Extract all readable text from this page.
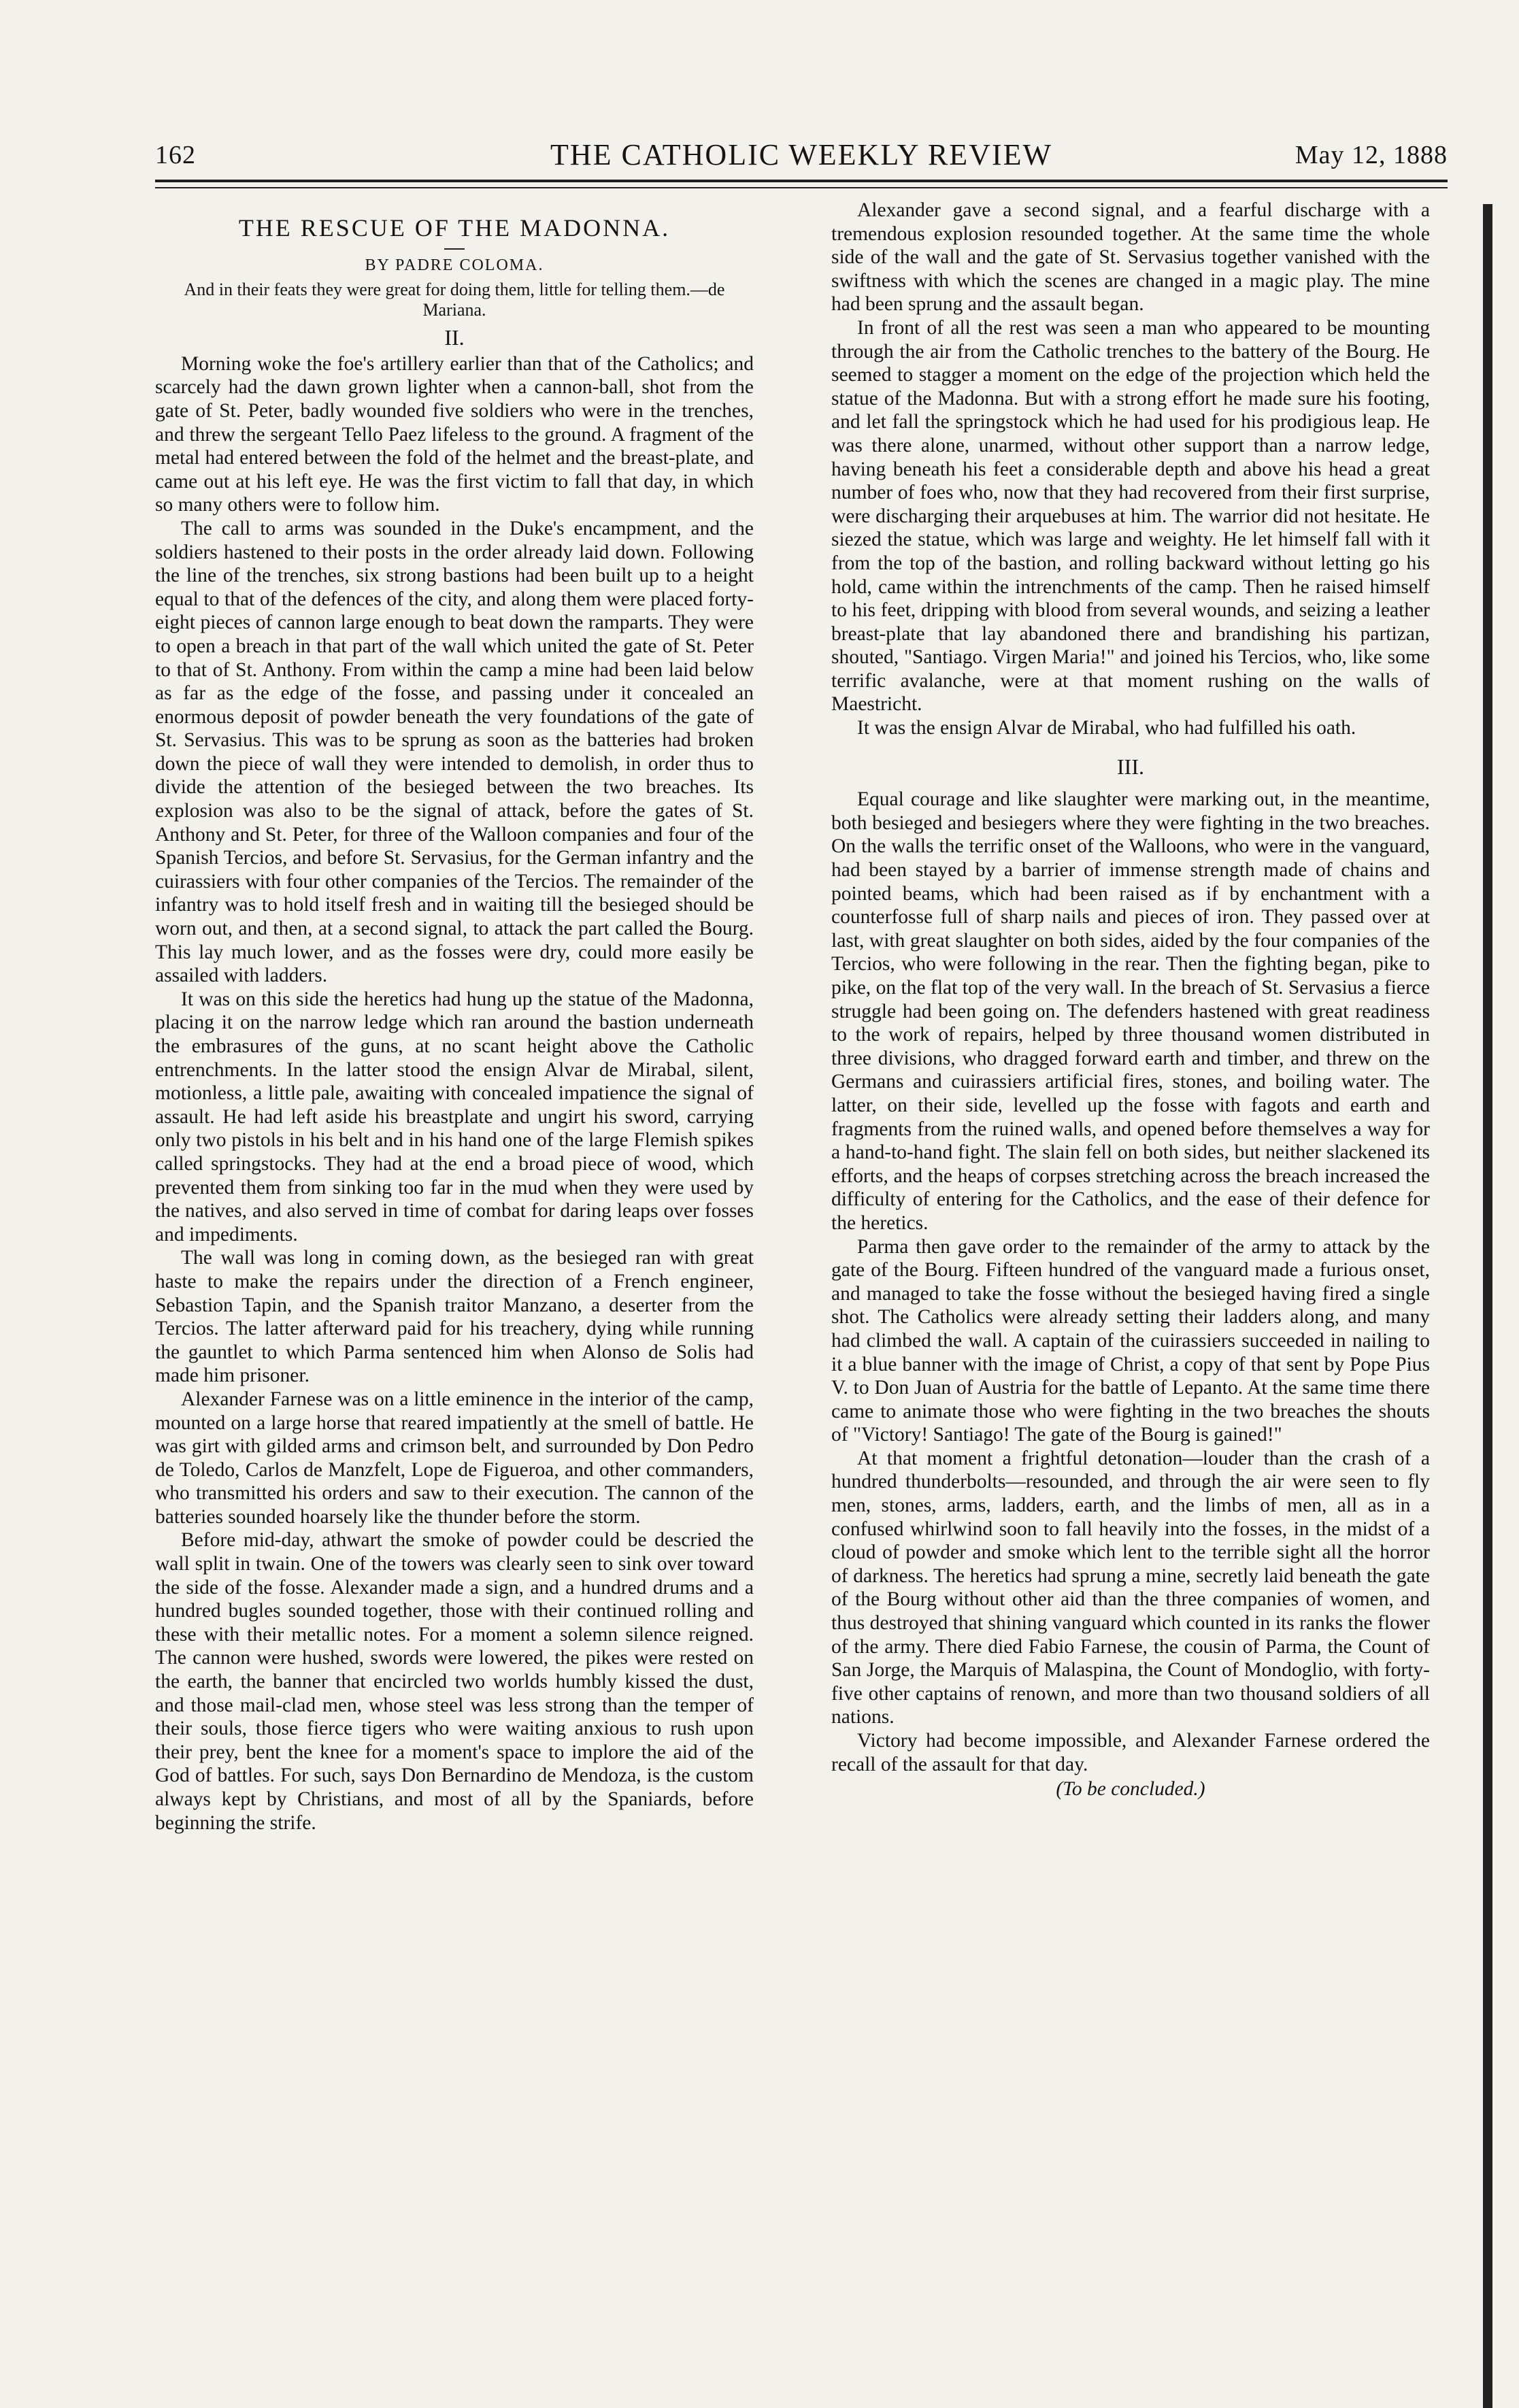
162	THE CATHOLIC WEEKLY REVIEW	May 12, 1888
THE RESCUE OF THE MADONNA.
BY PADRE COLOMA.
And in their feats they were great for doing them, little for telling them.—de Mariana.
II.

Morning woke the foe's artillery earlier than that of the Catholics; and scarcely had the dawn grown lighter when a cannon-ball, shot from the gate of St. Peter, badly wounded five soldiers who were in the trenches, and threw the sergeant Tello Paez lifeless to the ground. A fragment of the metal had entered between the fold of the helmet and the breast-plate, and came out at his left eye. He was the first victim to fall that day, in which so many others were to follow him.

The call to arms was sounded in the Duke's encampment, and the soldiers hastened to their posts in the order already laid down. Following the line of the trenches, six strong bastions had been built up to a height equal to that of the defences of the city, and along them were placed forty-eight pieces of cannon large enough to beat down the ramparts. They were to open a breach in that part of the wall which united the gate of St. Peter to that of St. Anthony. From within the camp a mine had been laid below as far as the edge of the fosse, and passing under it concealed an enormous deposit of powder beneath the very foundations of the gate of St. Servasius. This was to be sprung as soon as the batteries had broken down the piece of wall they were intended to demolish, in order thus to divide the attention of the besieged between the two breaches. Its explosion was also to be the signal of attack, before the gates of St. Anthony and St. Peter, for three of the Walloon companies and four of the Spanish Tercios, and before St. Servasius, for the German infantry and the cuirassiers with four other companies of the Tercios. The remainder of the infantry was to hold itself fresh and in waiting till the besieged should be worn out, and then, at a second signal, to attack the part called the Bourg. This lay much lower, and as the fosses were dry, could more easily be assailed with ladders.

It was on this side the heretics had hung up the statue of the Madonna, placing it on the narrow ledge which ran around the bastion underneath the embrasures of the guns, at no scant height above the Catholic entrenchments. In the latter stood the ensign Alvar de Mirabal, silent, motionless, a little pale, awaiting with concealed impatience the signal of assault. He had left aside his breastplate and ungirt his sword, carrying only two pistols in his belt and in his hand one of the large Flemish spikes called springstocks. They had at the end a broad piece of wood, which prevented them from sinking too far in the mud when they were used by the natives, and also served in time of combat for daring leaps over fosses and impediments.

The wall was long in coming down, as the besieged ran with great haste to make the repairs under the direction of a French engineer, Sebastion Tapin, and the Spanish traitor Manzano, a deserter from the Tercios. The latter afterward paid for his treachery, dying while running the gauntlet to which Parma sentenced him when Alonso de Solis had made him prisoner.

Alexander Farnese was on a little eminence in the interior of the camp, mounted on a large horse that reared impatiently at the smell of battle. He was girt with gilded arms and crimson belt, and surrounded by Don Pedro de Toledo, Carlos de Manzfelt, Lope de Figueroa, and other commanders, who transmitted his orders and saw to their execution. The cannon of the batteries sounded hoarsely like the thunder before the storm.

Before mid-day, athwart the smoke of powder could be descried the wall split in twain. One of the towers was clearly seen to sink over toward the side of the fosse. Alexander made a sign, and a hundred drums and a hundred bugles sounded together, those with their continued rolling and these with their metallic notes. For a moment a solemn silence reigned. The cannon were hushed, swords were lowered, the pikes were rested on the earth, the banner that encircled two worlds humbly kissed the dust, and those mail-clad men, whose steel was less strong than the temper of their souls, those fierce tigers who were waiting anxious to rush upon their prey, bent the knee for a moment's space to implore the aid of the God of battles. For such, says Don Bernardino de Mendoza, is the custom always kept by Christians, and most of all by the Spaniards, before beginning the strife.

Alexander gave a second signal, and a fearful discharge with a tremendous explosion resounded together. At the same time the whole side of the wall and the gate of St. Servasius together vanished with the swiftness with which the scenes are changed in a magic play. The mine had been sprung and the assault began.

In front of all the rest was seen a man who appeared to be mounting through the air from the Catholic trenches to the battery of the Bourg. He seemed to stagger a moment on the edge of the projection which held the statue of the Madonna. But with a strong effort he made sure his footing, and let fall the springstock which he had used for his prodigious leap. He was there alone, unarmed, without other support than a narrow ledge, having beneath his feet a considerable depth and above his head a great number of foes who, now that they had recovered from their first surprise, were discharging their arquebuses at him. The warrior did not hesitate. He siezed the statue, which was large and weighty. He let himself fall with it from the top of the bastion, and rolling backward without letting go his hold, came within the intrenchments of the camp. Then he raised himself to his feet, dripping with blood from several wounds, and seizing a leather breast-plate that lay abandoned there and brandishing his partizan, shouted, "Santiago. Virgen Maria!" and joined his Tercios, who, like some terrific avalanche, were at that moment rushing on the walls of Maestricht.

It was the ensign Alvar de Mirabal, who had fulfilled his oath.

III.

Equal courage and like slaughter were marking out, in the meantime, both besieged and besiegers where they were fighting in the two breaches. On the walls the terrific onset of the Walloons, who were in the vanguard, had been stayed by a barrier of immense strength made of chains and pointed beams, which had been raised as if by enchantment with a counterfosse full of sharp nails and pieces of iron. They passed over at last, with great slaughter on both sides, aided by the four companies of the Tercios, who were following in the rear. Then the fighting began, pike to pike, on the flat top of the very wall. In the breach of St. Servasius a fierce struggle had been going on. The defenders hastened with great readiness to the work of repairs, helped by three thousand women distributed in three divisions, who dragged forward earth and timber, and threw on the Germans and cuirassiers artificial fires, stones, and boiling water. The latter, on their side, levelled up the fosse with fagots and earth and fragments from the ruined walls, and opened before themselves a way for a hand-to-hand fight. The slain fell on both sides, but neither slackened its efforts, and the heaps of corpses stretching across the breach increased the difficulty of entering for the Catholics, and the ease of their defence for the heretics.

Parma then gave order to the remainder of the army to attack by the gate of the Bourg. Fifteen hundred of the vanguard made a furious onset, and managed to take the fosse without the besieged having fired a single shot. The Catholics were already setting their ladders along, and many had climbed the wall. A captain of the cuirassiers succeeded in nailing to it a blue banner with the image of Christ, a copy of that sent by Pope Pius V. to Don Juan of Austria for the battle of Lepanto. At the same time there came to animate those who were fighting in the two breaches the shouts of "Victory! Santiago! The gate of the Bourg is gained!"

At that moment a frightful detonation—louder than the crash of a hundred thunderbolts—resounded, and through the air were seen to fly men, stones, arms, ladders, earth, and the limbs of men, all as in a confused whirlwind soon to fall heavily into the fosses, in the midst of a cloud of powder and smoke which lent to the terrible sight all the horror of darkness. The heretics had sprung a mine, secretly laid beneath the gate of the Bourg without other aid than the three companies of women, and thus destroyed that shining vanguard which counted in its ranks the flower of the army. There died Fabio Farnese, the cousin of Parma, the Count of San Jorge, the Marquis of Malaspina, the Count of Mondoglio, with forty-five other captains of renown, and more than two thousand soldiers of all nations.

Victory had become impossible, and Alexander Farnese ordered the recall of the assault for that day.

(To be concluded.)
